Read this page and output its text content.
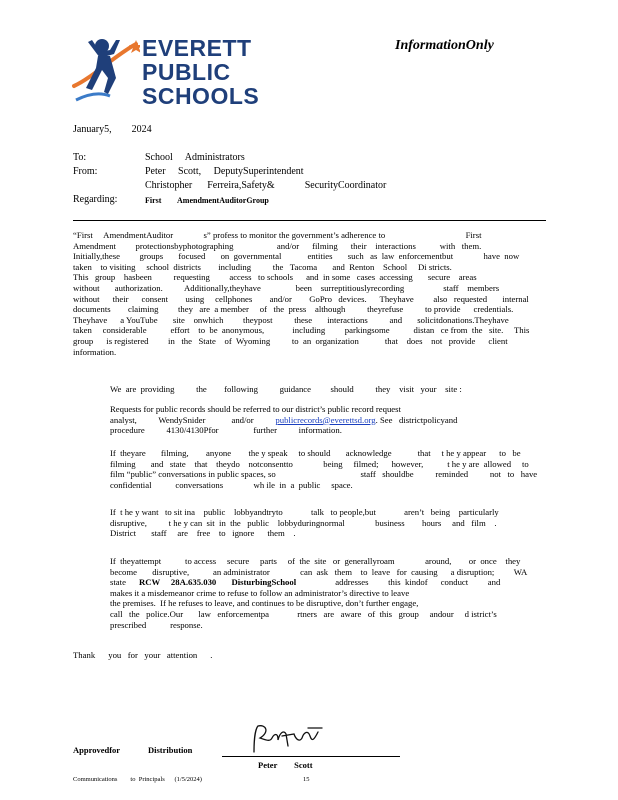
EVERETT
PUBLIC
SCHOOLS
InformationOnly
January5,        2024
To:	School     Administrators
From:	Peter     Scott,     DeputySuperintendent
Christopher      Ferreira,Safety&            SecurityCoordinator
Regarding:	First        AmendmentAuditorGroup
“First     AmendmentAuditor              s” profess to monitor the government’s adherence to                                     First
Amendment         protectionsbyphotographing                    and/or      filming      their    interactions           with   them.
Initially,these         groups       focused       on  governmental            entities       such   as  law  enforcementbut              have  now
taken    to visiting     school  districts        including          the   Tacoma       and  Renton    School     Di stricts.
This   group    hasbeen          requesting         access   to schools      and  in some   cases  accessing       secure    areas
without       authorization.          Additionally,theyhave                been    surreptitiouslyrecording                  staff    members
without      their      consent        using     cellphones        and/or        GoPro   devices.      Theyhave         also   requested       internal
documents        claiming         they   are  a member     of   the  press    although          theyrefuse          to provide      credentials.
Theyhave      a YouTube       site    onwhich         theypost          these       interactions          and       solicitdonations.Theyhave
taken     considerable           effort    to  be  anonymous,             including         parkingsome           distan   ce from  the   site.     This
group      is registered         in   the   State    of  Wyoming          to  an  organization            that    does    not   provide      client
information.
We  are  providing          the        following          guidance         should          they    visit   your    site :
Requests for public records should be referred to our district’s public record request
analyst,          WendySnider            and/or publicrecords@everettsd.org. See   districtpolicyand
procedure          4130/4130Pfor                further          information.
If  theyare       filming,        anyone        the y speak     to should       acknowledge            that     t he y appear      to   be
filming       and   state    that    theydo    notconsentto              being     filmed;      however,           t he y are  allowed     to
film “public” conversations in public spaces, so                                       staff   shouldbe          reminded          not   to   have
confidential           conversations              wh ile  in  a  public     space.
If  t he y want   to sit ina    public    lobbyandtryto             talk   to people,but             aren’t   being    particularly
disruptive,          t he y can  sit  in  the   public    lobbyduringnormal              business        hours     and   film    .
District       staff     are    free    to   ignore      them    .
If  theyattempt           to access     secure     parts     of  the  site   or  generallyroam              around,        or  once    they
become       disruptive,           an administrator              can  ask   them    to  leave   for  causing      a disruption;         WA
state      RCW     28A.635.030       DisturbingSchool                  addresses         this  kindof      conduct         and
makes it a misdemeanor crime to refuse to follow an administrator’s directive to leave
the premises.  If he refuses to leave, and continues to be disruptive, don’t further engage,
call   the   police.Our       law   enforcementpa             rtners   are   aware   of  this   group     andour     d istrict’s
prescribed           response.
Thank      you   for   your   attention      .
Approvedfor	Distribution
Peter        Scott
Communications        to  Principals      (1/5/2024)	15
